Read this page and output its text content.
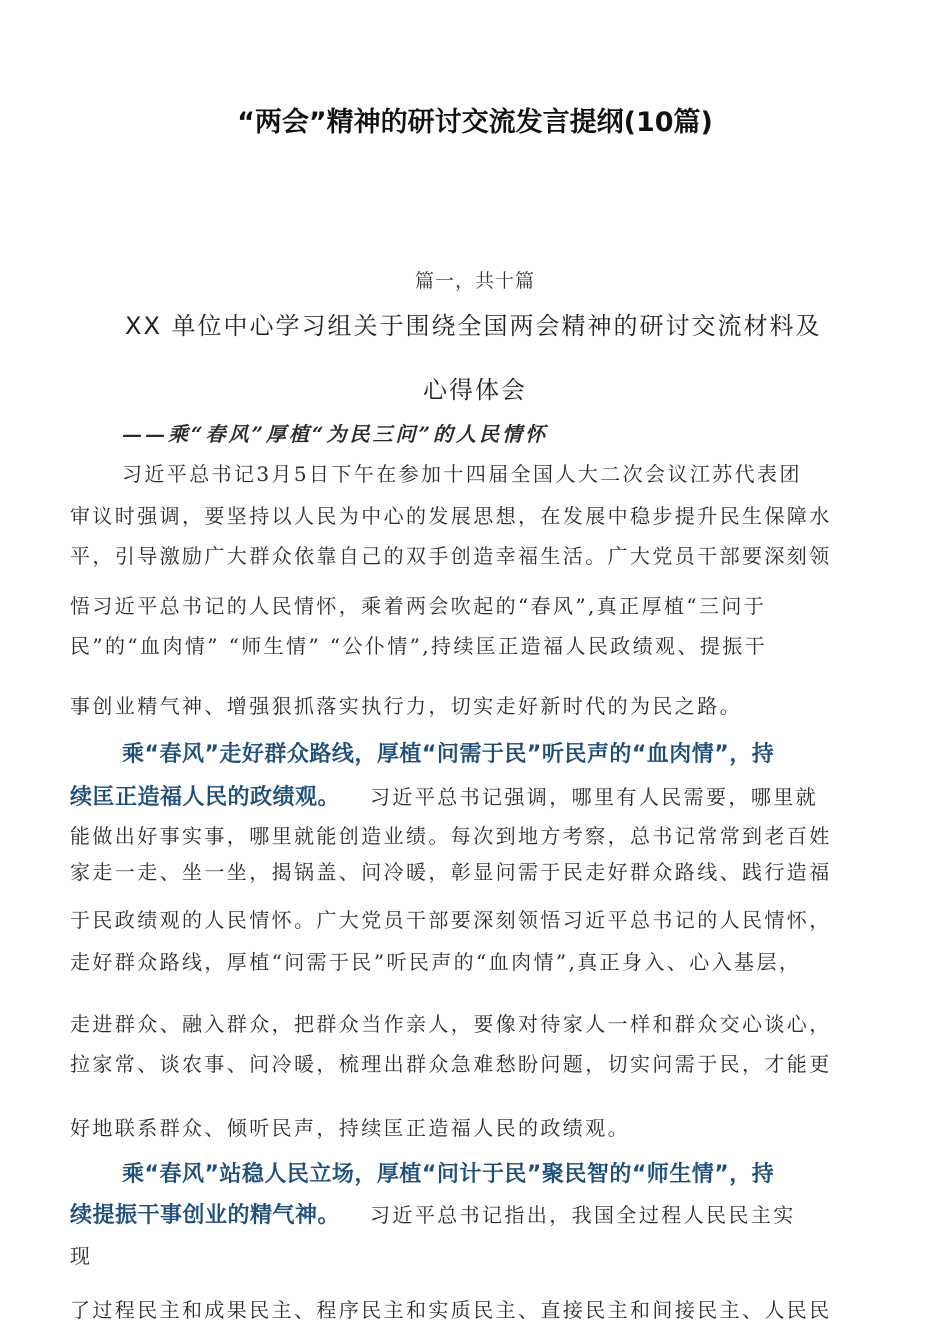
“两会”精神的研讨交流发言提纲(10篇)
篇一，共十篇
XX 单位中心学习组关于围绕全国两会精神的研讨交流材料及
心得体会
——乘“春风”厚植“为民三问”的人民情怀
习近平总书记3月5日下午在参加十四届全国人大二次会议江苏代表团
审议时强调，要坚持以人民为中心的发展思想，在发展中稳步提升民生保障水
平，引导激励广大群众依靠自己的双手创造幸福生活。广大党员干部要深刻领
悟习近平总书记的人民情怀，乘着两会吹起的“春风”,真正厚植“三问于
民”的“血肉情” “师生情” “公仆情”,持续匡正造福人民政绩观、提振干
事创业精气神、增强狠抓落实执行力，切实走好新时代的为民之路。
乘“春风”走好群众路线，厚植“问需于民”听民声的“血肉情”，持
续匡正造福人民的政绩观。 习近平总书记强调，哪里有人民需要，哪里就
能做出好事实事，哪里就能创造业绩。每次到地方考察，总书记常常到老百姓
家走一走、坐一坐，揭锅盖、问冷暖，彰显问需于民走好群众路线、践行造福
于民政绩观的人民情怀。广大党员干部要深刻领悟习近平总书记的人民情怀，
走好群众路线，厚植“问需于民”听民声的“血肉情”,真正身入、心入基层，
走进群众、融入群众，把群众当作亲人，要像对待家人一样和群众交心谈心，
拉家常、谈农事、问冷暖，梳理出群众急难愁盼问题，切实问需于民，才能更
好地联系群众、倾听民声，持续匡正造福人民的政绩观。
乘“春风”站稳人民立场，厚植“问计于民”聚民智的“师生情”，持
续提振干事创业的精气神。 习近平总书记指出，我国全过程人民民主实
现
了过程民主和成果民主、程序民主和实质民主、直接民主和间接民主、人民民
